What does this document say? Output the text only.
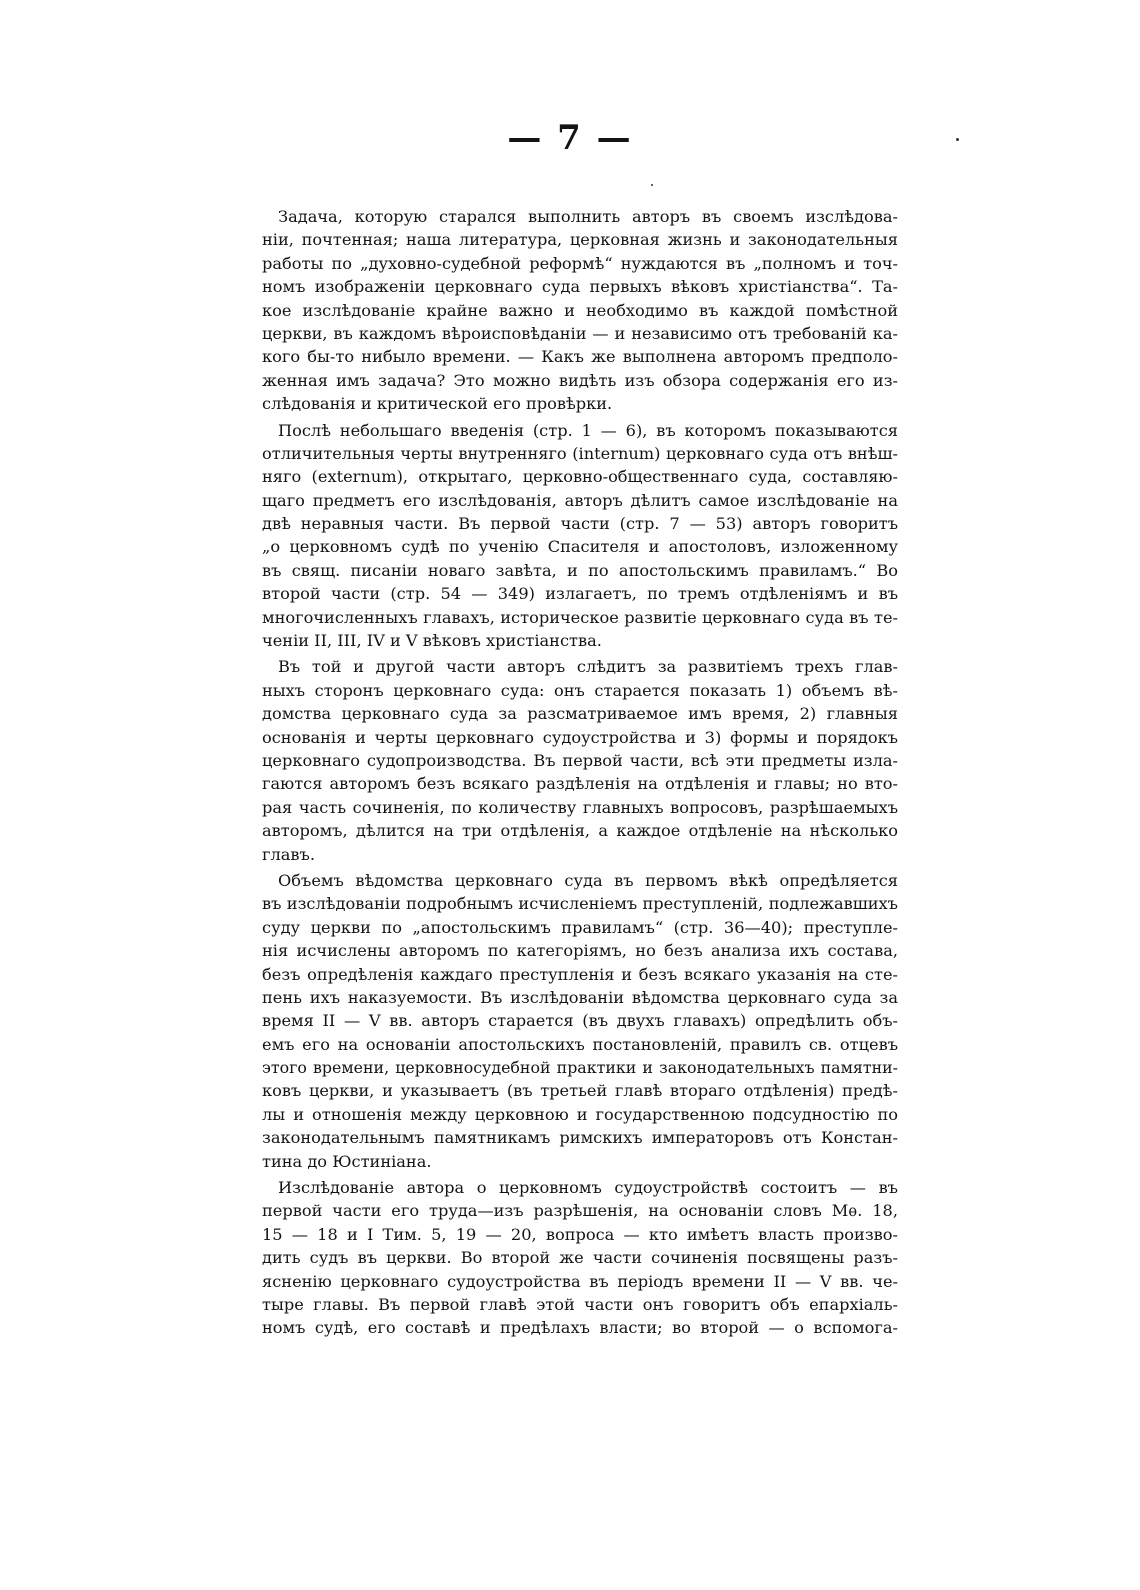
— 7 —
Задача, которую старался выполнить авторъ въ своемъ изслѣдова-
ніи, почтенная; наша литература, церковная жизнь и законодательныя
работы по „духовно-судебной реформѣ“ нуждаются въ „полномъ и точ-
номъ изображеніи церковнаго суда первыхъ вѣковъ христіанства“. Та-
кое изслѣдованіе крайне важно и необходимо въ каждой помѣстной
церкви, въ каждомъ вѣроисповѣданіи — и независимо отъ требованій ка-
кого бы-то нибыло времени. — Какъ же выполнена авторомъ предполо-
женная имъ задача? Это можно видѣть изъ обзора содержанія его из-
слѣдованія и критической его провѣрки.
Послѣ небольшаго введенія (стр. 1 — 6), въ которомъ показываются
отличительныя черты внутренняго (internum) церковнаго суда отъ внѣш-
няго (externum), открытаго, церковно-общественнаго суда, составляю-
щаго предметъ его изслѣдованія, авторъ дѣлитъ самое изслѣдованіе на
двѣ неравныя части. Въ первой части (стр. 7 — 53) авторъ говоритъ
„о церковномъ судѣ по ученію Спасителя и апостоловъ, изложенному
въ свящ. писаніи новаго завѣта, и по апостольскимъ правиламъ.“ Во
второй части (стр. 54 — 349) излагаетъ, по тремъ отдѣленіямъ и въ
многочисленныхъ главахъ, историческое развитіе церковнаго суда въ те-
ченіи II, III, IV и V вѣковъ христіанства.
Въ той и другой части авторъ слѣдитъ за развитіемъ трехъ глав-
ныхъ сторонъ церковнаго суда: онъ старается показать 1) объемъ вѣ-
домства церковнаго суда за разсматриваемое имъ время, 2) главныя
основанія и черты церковнаго судоустройства и 3) формы и порядокъ
церковнаго судопроизводства. Въ первой части, всѣ эти предметы изла-
гаются авторомъ безъ всякаго раздѣленія на отдѣленія и главы; но вто-
рая часть сочиненія, по количеству главныхъ вопросовъ, разрѣшаемыхъ
авторомъ, дѣлится на три отдѣленія, а каждое отдѣленіе на нѣсколько
главъ.
Объемъ вѣдомства церковнаго суда въ первомъ вѣкѣ опредѣляется
въ изслѣдованіи подробнымъ исчисленіемъ преступленій, подлежавшихъ
суду церкви по „апостольскимъ правиламъ“ (стр. 36—40); преступле-
нія исчислены авторомъ по категоріямъ, но безъ анализа ихъ состава,
безъ опредѣленія каждаго преступленія и безъ всякаго указанія на сте-
пень ихъ наказуемости. Въ изслѣдованіи вѣдомства церковнаго суда за
время II — V вв. авторъ старается (въ двухъ главахъ) опредѣлить объ-
емъ его на основаніи апостольскихъ постановленій, правилъ св. отцевъ
этого времени, церковносудебной практики и законодательныхъ памятни-
ковъ церкви, и указываетъ (въ третьей главѣ втораго отдѣленія) предѣ-
лы и отношенія между церковною и государственною подсудностію по
законодательнымъ памятникамъ римскихъ императоровъ отъ Констан-
тина до Юстиніана.
Изслѣдованіе автора о церковномъ судоустройствѣ состоитъ — въ
первой части его труда—изъ разрѣшенія, на основаніи словъ Мѳ. 18,
15 — 18 и I Тим. 5, 19 — 20, вопроса — кто имѣетъ власть произво-
дить судъ въ церкви. Во второй же части сочиненія посвящены разъ-
ясненію церковнаго судоустройства въ періодъ времени II — V вв. че-
тыре главы. Въ первой главѣ этой части онъ говоритъ объ епархіаль-
номъ судѣ, его составѣ и предѣлахъ власти; во второй — о вспомога-
